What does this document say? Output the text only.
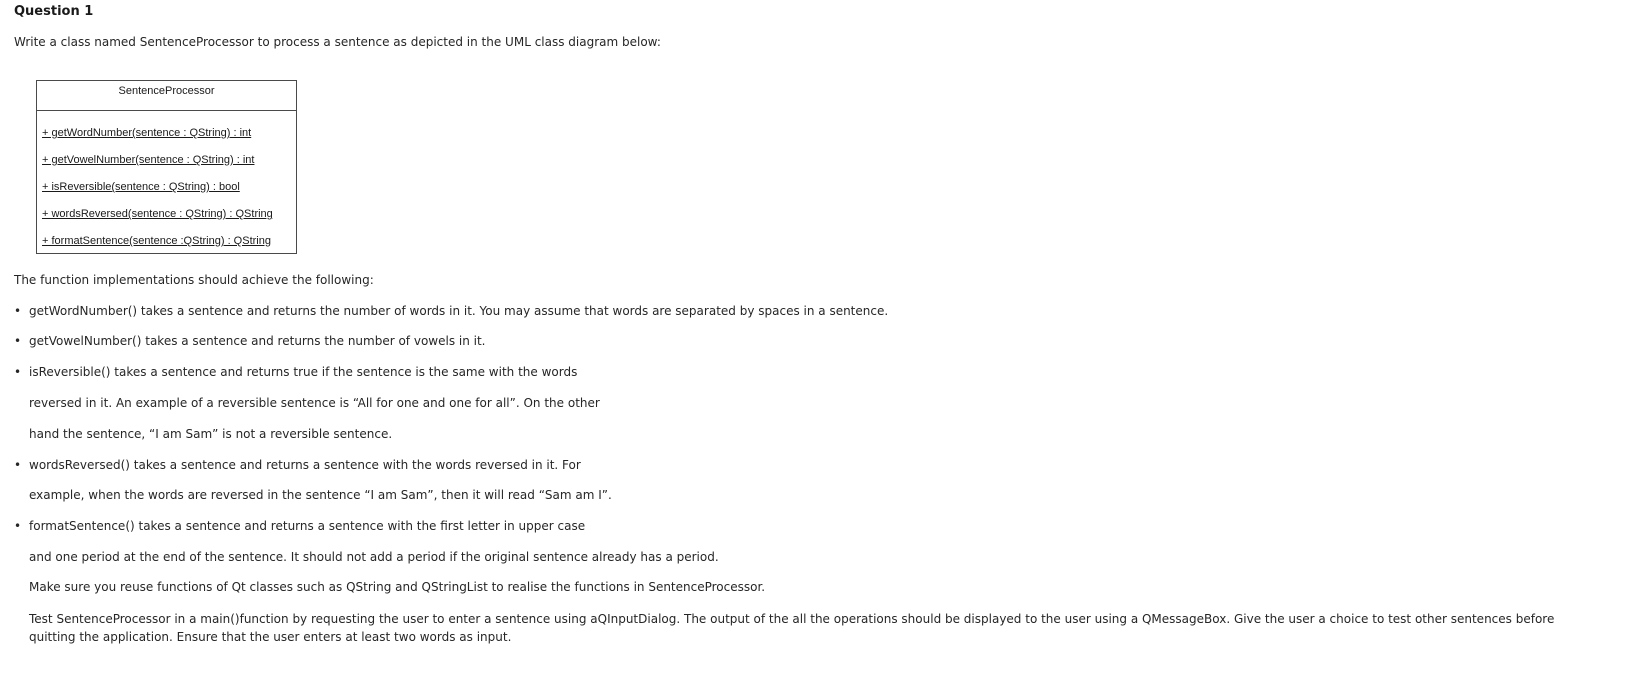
Question 1
Write a class named SentenceProcessor to process a sentence as depicted in the UML class diagram below:
SentenceProcessor
+ getWordNumber(sentence : QString) : int
+ getVowelNumber(sentence : QString) : int
+ isReversible(sentence : QString) : bool
+ wordsReversed(sentence : QString) : QString
+ formatSentence(sentence :QString) : QString
The function implementations should achieve the following:
• getWordNumber() takes a sentence and returns the number of words in it. You may assume that words are separated by spaces in a sentence.
• getVowelNumber() takes a sentence and returns the number of vowels in it.
• isReversible() takes a sentence and returns true if the sentence is the same with the words
reversed in it. An example of a reversible sentence is “All for one and one for all”. On the other
hand the sentence, “I am Sam” is not a reversible sentence.
• wordsReversed() takes a sentence and returns a sentence with the words reversed in it. For
example, when the words are reversed in the sentence “I am Sam”, then it will read “Sam am I”.
• formatSentence() takes a sentence and returns a sentence with the first letter in upper case
and one period at the end of the sentence. It should not add a period if the original sentence already has a period.
Make sure you reuse functions of Qt classes such as QString and QStringList to realise the functions in SentenceProcessor.
Test SentenceProcessor in a main()function by requesting the user to enter a sentence using aQInputDialog. The output of the all the operations should be displayed to the user using a QMessageBox. Give the user a choice to test other sentences before quitting the application. Ensure that the user enters at least two words as input.
